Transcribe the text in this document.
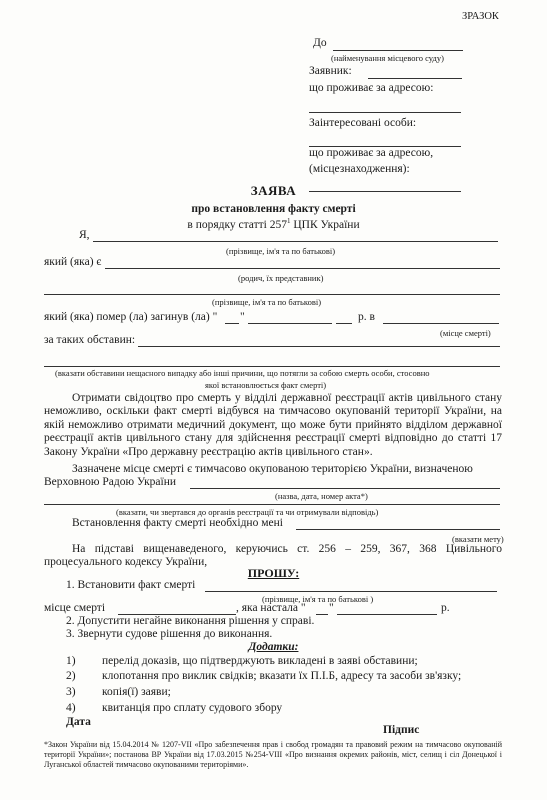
ЗРАЗОК
До
(найменування місцевого суду)
Заявник:
що проживає за адресою:
Заінтересовані особи:
що проживає за адресою,
(місцезнаходження):
ЗАЯВА
про встановлення факту смерті
в порядку статті $257^1$ ЦПК України
Я,
(прізвище, ім'я та по батькові)
який (яка) є
(родич, їх представник)
(прізвище, ім'я та по батькові)
який (яка) помер (ла) загинув (ла) " "	р. в
(місце смерті)
за таких обставин:
(вказати обставини нещасного випадку або інші причини, що потягли за собою смерть особи, стосовно
якої встановлюється факт смерті)
Отримати свідоцтво про смерть у відділі державної реєстрації актів цивільного стану неможливо, оскільки факт смерті відбувся на тимчасово окупованій території України, на якій неможливо отримати медичний документ, що може бути прийнято відділом державної реєстрації актів цивільного стану для здійснення реєстрації смерті відповідно до статті 17 Закону України «Про державну реєстрацію актів цивільного стан».
Зазначене місце смерті є тимчасово окупованою територією України, визначеною
Верховною Радою України
(назва, дата, номер акта*)
(вказати, чи звертався до органів реєстрації та чи отримували відповідь)
Встановлення факту смерті необхідно мені
(вказати мету)
На підставі вищенаведеного, керуючись ст. 256 – 259, 367, 368 Цивільного
процесуального кодексу України,
ПРОШУ:
1. Встановити факт смерті
(прізвище, ім'я та по батькові )
місце смерті	, яка настала " "	р.
2. Допустити негайне виконання рішення у справі.
3. Звернути судове рішення до виконання.
Додатки:
1) перелід доказів, що підтверджують викладені в заяві обставини;
2) клопотання про виклик свідків; вказати їх П.І.Б, адресу та засоби зв'язку;
3) копія(ї) заяви;
4) квитанція про сплату судового збору
Дата
Підпис
*Закон України від 15.04.2014 № 1207-VII «Про забезпечення прав і свобод громадян та правовий режим на тимчасово окупованій території України»; постанова ВР України від 17.03.2015 №254-VIII «Про визнання окремих районів, міст, селищ і сіл Донецької і Луганської областей тимчасово окупованими територіями».
